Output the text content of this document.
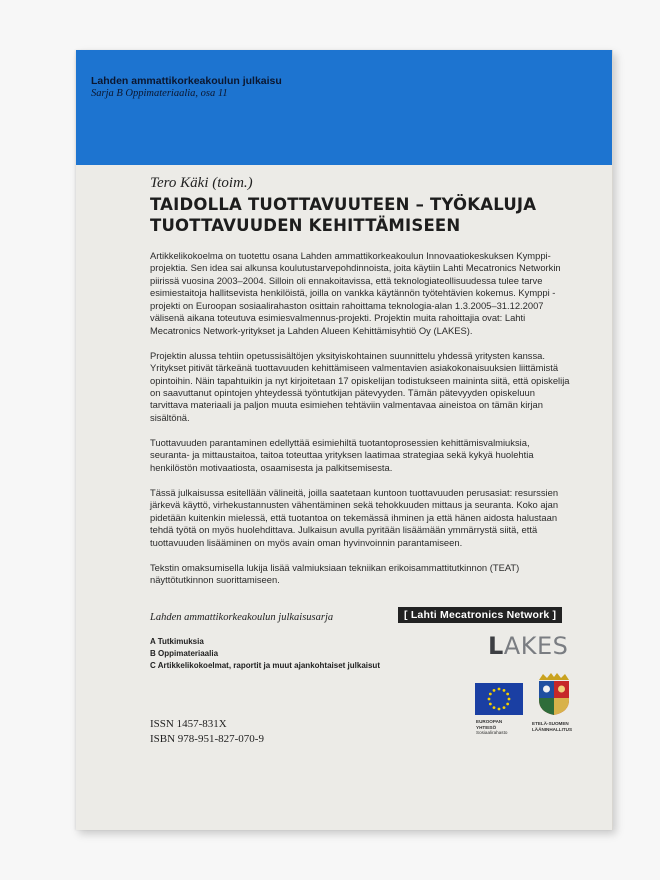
Lahden ammattikorkeakoulun julkaisu
Sarja B Oppimateriaalia, osa 11
Tero Käki (toim.)
TAIDOLLA TUOTTAVUUTEEN – TYÖKALUJA
TUOTTAVUUDEN KEHITTÄMISEEN

Artikkelikokoelma on tuotettu osana Lahden ammattikorkeakoulun Innovaatiokeskuksen Kymppi-projektia. Sen idea sai alkunsa koulutustarvepohdinnoista, joita käytiin Lahti Mecatronics Networkin piirissä vuosina 2003–2004. Silloin oli ennakoitavissa, että teknologiateollisuudessa tulee tarve esimiestaitoja hallitsevista henkilöistä, joilla on vankka käytännön työtehtävien kokemus. Kymppi -projekti on Euroopan sosiaalirahaston osittain rahoittama teknologia-alan 1.3.2005–31.12.2007 välisenä aikana toteutuva esimiesvalmennus-projekti. Projektin muita rahoittajia ovat: Lahti Mecatronics Network-yritykset ja Lahden Alueen Kehittämisyhtiö Oy (LAKES).

Projektin alussa tehtiin opetussisältöjen yksityiskohtainen suunnittelu yhdessä yritysten kanssa. Yritykset pitivät tärkeänä tuottavuuden kehittämiseen valmentavien asiakokonaisuuksien liittämistä opintoihin. Näin tapahtuikin ja nyt kirjoitetaan 17 opiskelijan todistukseen maininta siitä, että opiskelija on saavuttanut opintojen yhteydessä työntutkijan pätevyyden. Tämän pätevyyden opiskeluun tarvittava materiaali ja paljon muuta esimiehen tehtäviin valmentavaa aineistoa on tämän kirjan sisältönä.

Tuottavuuden parantaminen edellyttää esimiehiltä tuotantoprosessien kehittämisvalmiuksia, seuranta- ja mittaustaitoa, taitoa toteuttaa yrityksen laatimaa strategiaa sekä kykyä huolehtia henkilöstön motivaatiosta, osaamisesta ja palkitsemisesta.

Tässä julkaisussa esitellään välineitä, joilla saatetaan kuntoon tuottavuuden perusasiat: resurssien järkevä käyttö, virhekustannusten vähentäminen sekä tehokkuuden mittaus ja seuranta. Koko ajan pidetään kuitenkin mielessä, että tuotantoa on tekemässä ihminen ja että hänen aidosta halustaan tehdä työtä on myös huolehdittava. Julkaisun avulla pyritään lisäämään ymmärrystä siitä, että tuottavuuden lisääminen on myös avain oman hyvinvoinnin parantamiseen.

Tekstin omaksumisella lukija lisää valmiuksiaan tekniikan erikoisammattitutkinnon (TEAT) näyttötutkinnon suorittamiseen.

Lahden ammattikorkeakoulun julkaisusarja
A Tutkimuksia
B Oppimateriaalia
C Artikkelikokoelmat, raportit ja muut ajankohtaiset julkaisut
ISSN 1457-831X
ISBN 978-951-827-070-9
[ Lahti Mecatronics Network ]
LAKES
EUROOPAN
YHTEISÖ
Sosiaalirahasto
ETELÄ-SUOMEN
LÄÄNINHALLITUS
